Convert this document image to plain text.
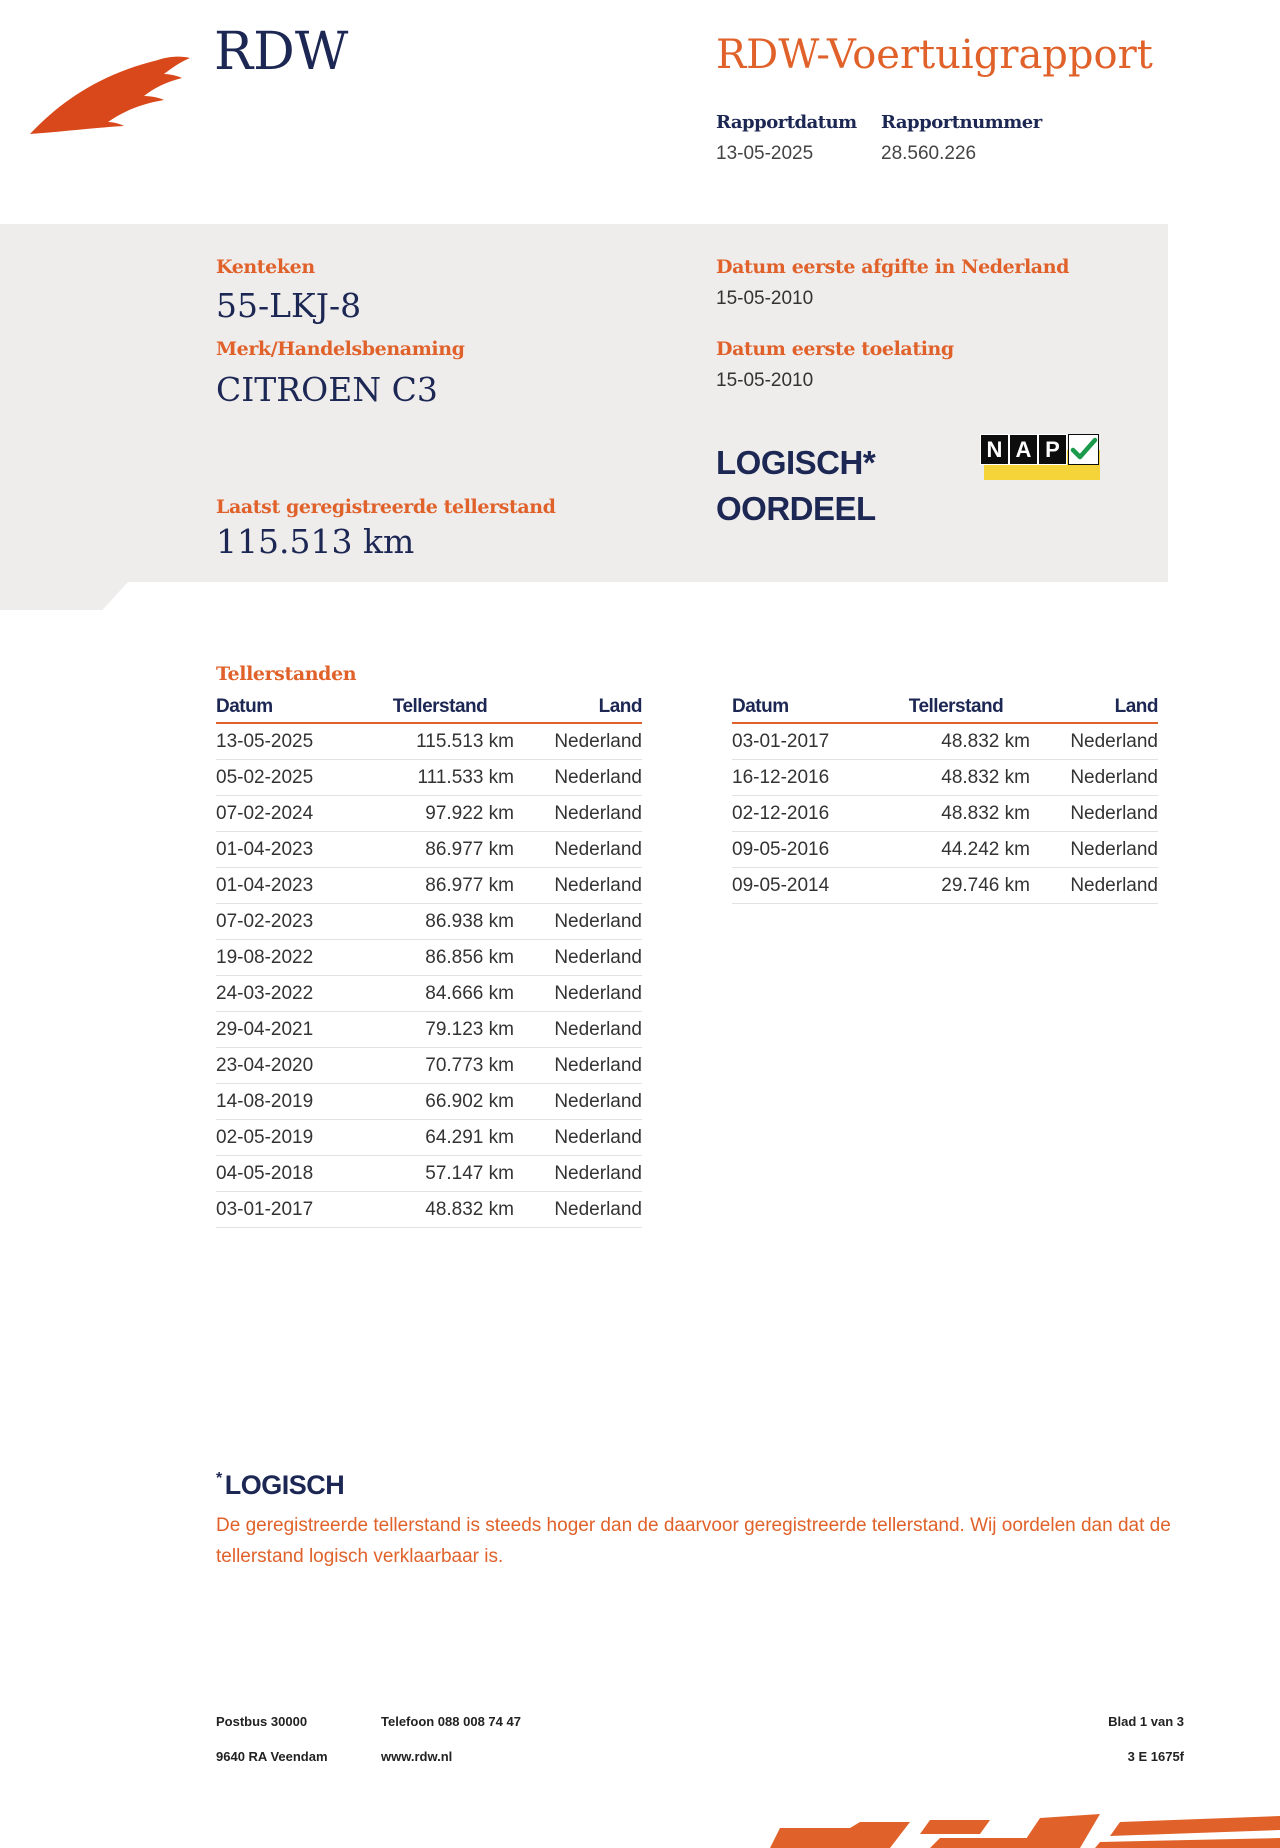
RDW	RDW-Voertuigrapport
Rapportdatum
13-05-2025
Rapportnummer
28.560.226
Kenteken
55-LKJ-8
Merk/Handelsbenaming
CITROEN C3
Laatst geregistreerde tellerstand
115.513 km
Datum eerste afgifte in Nederland
15-05-2010
Datum eerste toelating
15-05-2010
LOGISCH*
OORDEEL
N A P
Tellerstanden
Datum	Tellerstand	Land
13-05-2025	115.513 km	Nederland
05-02-2025	111.533 km	Nederland
07-02-2024	97.922 km	Nederland
01-04-2023	86.977 km	Nederland
01-04-2023	86.977 km	Nederland
07-02-2023	86.938 km	Nederland
19-08-2022	86.856 km	Nederland
24-03-2022	84.666 km	Nederland
29-04-2021	79.123 km	Nederland
23-04-2020	70.773 km	Nederland
14-08-2019	66.902 km	Nederland
02-05-2019	64.291 km	Nederland
04-05-2018	57.147 km	Nederland
03-01-2017	48.832 km	Nederland
Datum	Tellerstand	Land
03-01-2017	48.832 km	Nederland
16-12-2016	48.832 km	Nederland
02-12-2016	48.832 km	Nederland
09-05-2016	44.242 km	Nederland
09-05-2014	29.746 km	Nederland
* LOGISCH
De geregistreerde tellerstand is steeds hoger dan de daarvoor geregistreerde tellerstand. Wij oordelen dan dat de tellerstand logisch verklaarbaar is.
Postbus 30000
9640 RA Veendam
Telefoon 088 008 74 47
www.rdw.nl
Blad 1 van 3
3 E 1675f
